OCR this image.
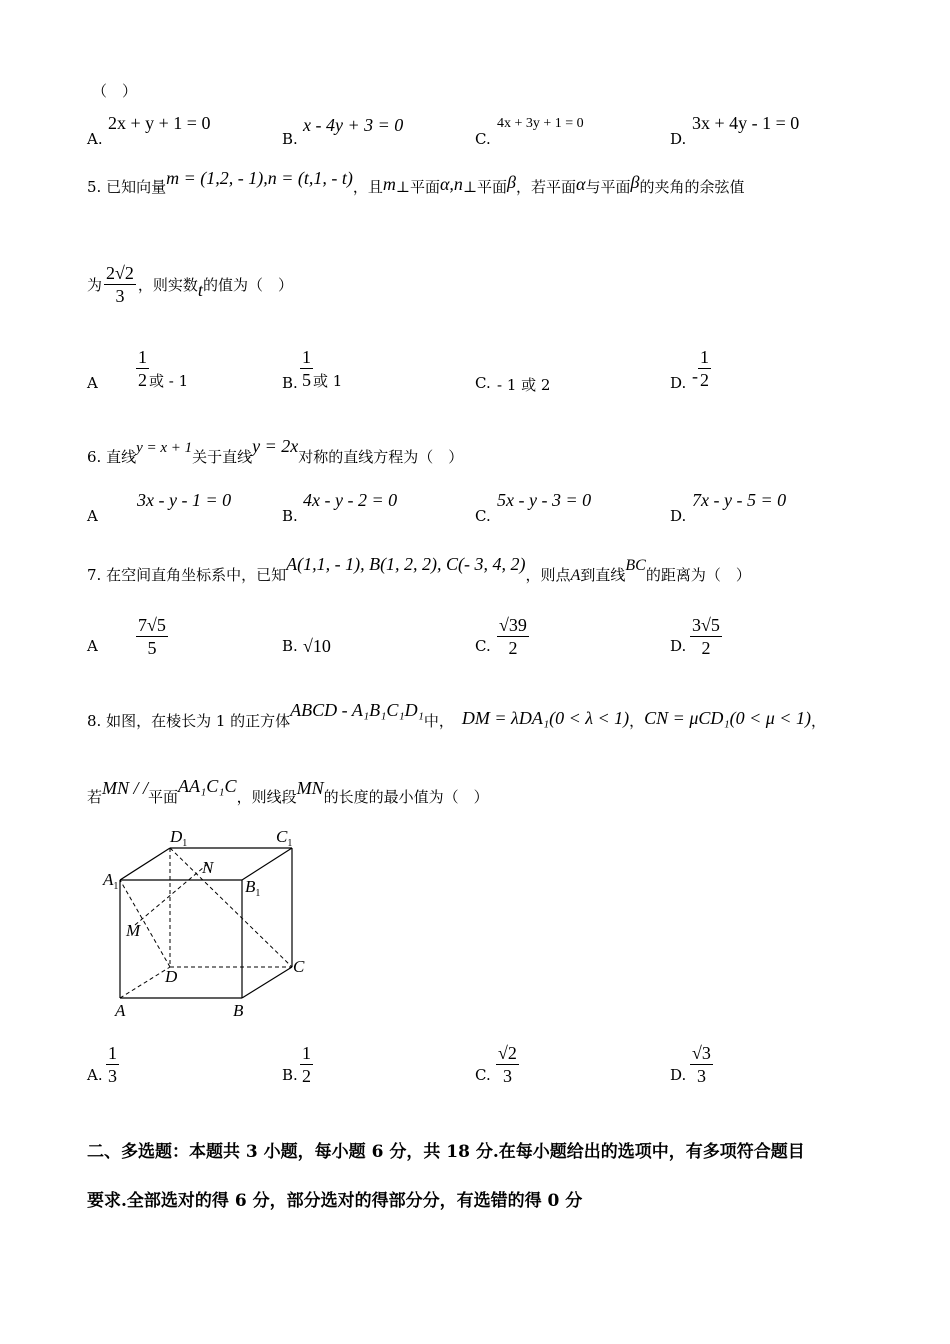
（　）
A.
2x + y + 1 = 0
B.
x - 4y + 3 = 0
C.
4x + 3y + 1 = 0
D.
3x + 4y - 1 = 0
5. 已知向量m = (1,2, - 1),n = (t,1, - t)，且m⊥平面α,n⊥平面β，若平面α与平面β的夹角的余弦值
为 $\frac{2√2}{3}$ ，则实数t的值为（　）
A $\frac{1}{2}$ 或 - 1	B. $\frac{1}{5}$ 或 1	C. - 1 或 2	D. - $\frac{1}{2}$
6. 直线y = x + 1关于直线y = 2x对称的直线方程为（　）
A
3x - y - 1 = 0
B.
4x - y - 2 = 0
C.
5x - y - 3 = 0
D.
7x - y - 5 = 0
7. 在空间直角坐标系中，已知A(1,1, - 1), B(1, 2, 2), C(- 3, 4, 2)，则点A到直线BC的距离为（　）
A $\frac{7√5}{5}$	B. √10	C. $\frac{√39}{2}$	D. $\frac{3√5}{2}$
8. 如图，在棱长为 1 的正方体ABCD - A₁B₁C₁D₁中， DM = λDA₁(0 < λ < 1)，CN = μCD₁(0 < μ < 1)，
若MN / /平面AA₁C₁C，则线段MN的长度的最小值为（　）
$A_1$	$B_1$
$C_1$
$D_1$
A	B
C
D
M
N
A. $\frac{1}{3}$	B. $\frac{1}{2}$	C. $\frac{√2}{3}$	D. $\frac{√3}{3}$
二、多选题：本题共 3 小题，每小题 6 分，共 18 分.在每小题给出的选项中，有多项符合题目
要求.全部选对的得 6 分，部分选对的得部分分，有选错的得 0 分
